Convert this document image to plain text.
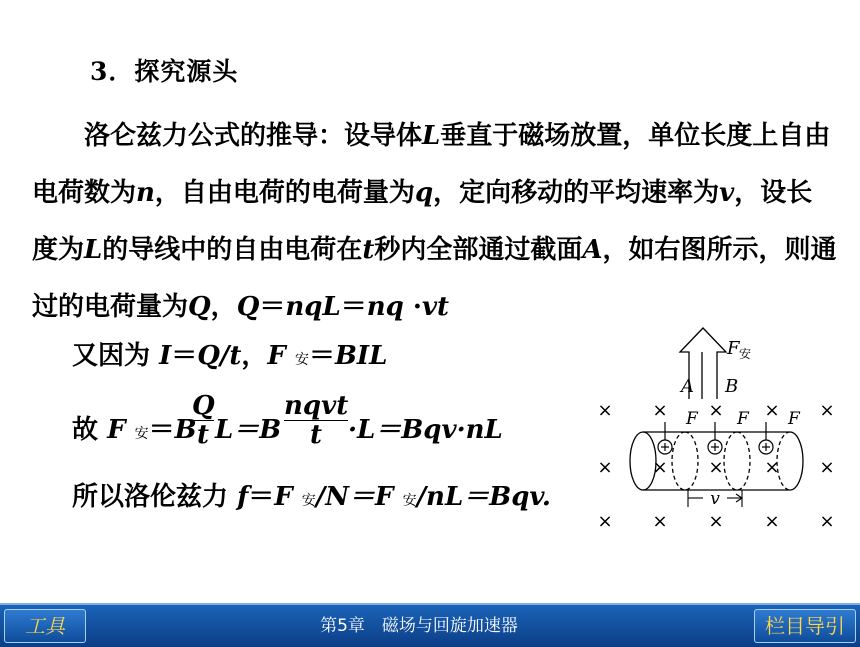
3．探究源头
洛仑兹力公式的推导：设导体L垂直于磁场放置，单位长度上自由电荷数为n，自由电荷的电荷量为q，定向移动的平均速率为v，设长度为L的导线中的自由电荷在t秒内全部通过截面A，如右图所示，则通过的电荷量为Q，Q＝nqL＝nq ·vt
又因为 I＝Q/t，F 安＝BIL
故 F 安＝B
Q
t L＝B
nqvt
t	·L＝Bqv·nL
所以洛伦兹力 f＝F 安/N＝F 安/nL＝Bqv.
F 安
A B
× × × × ×
× × × × ×
× × × × ×
F F F
v
工具	第5章　磁场与回旋加速器	栏目导引
